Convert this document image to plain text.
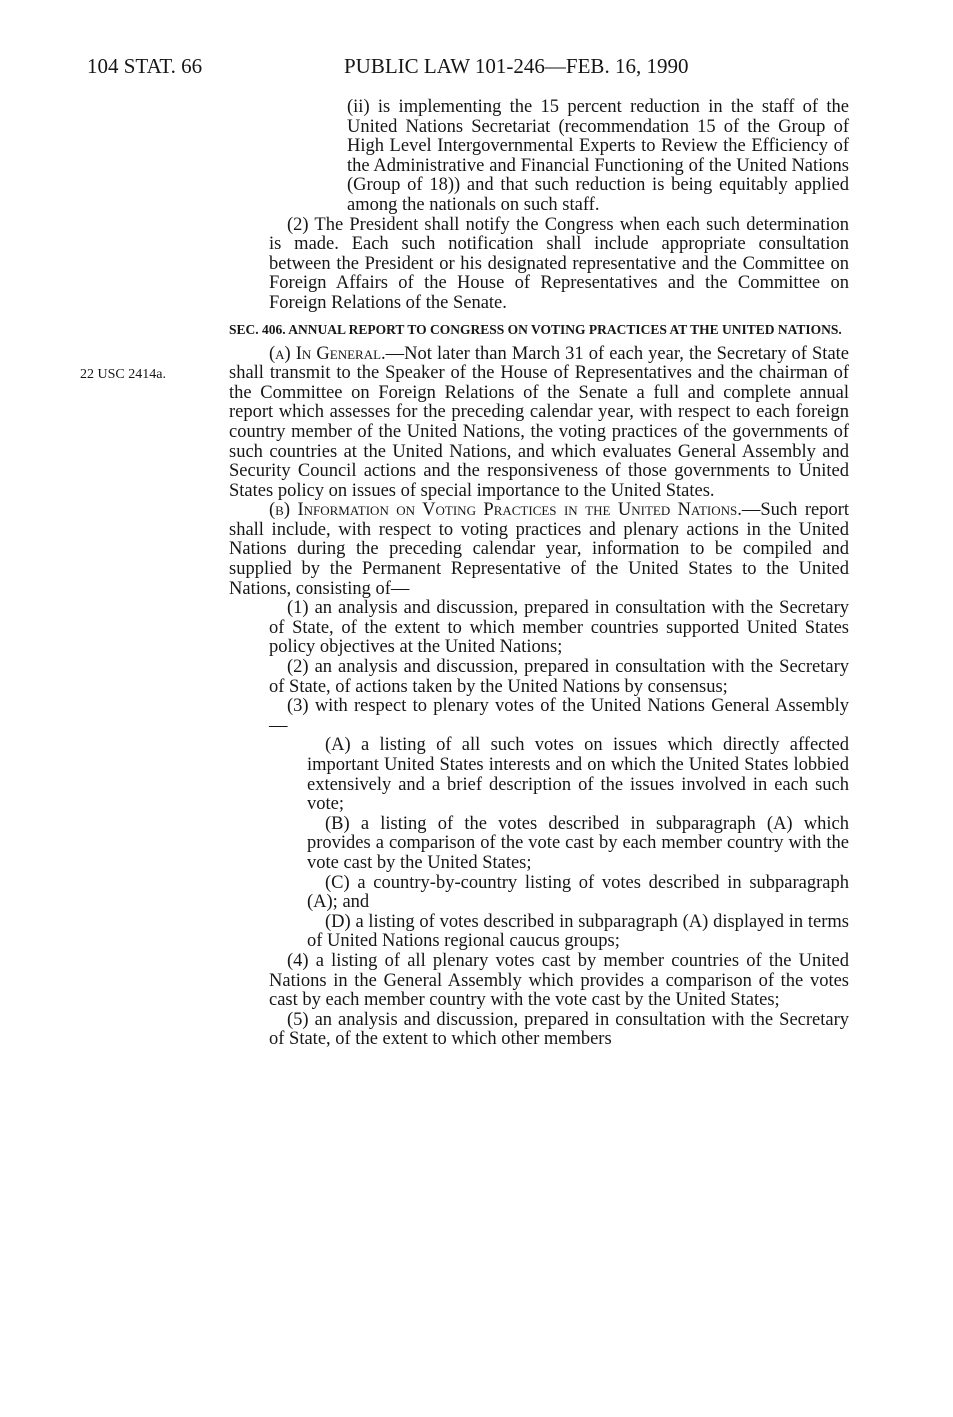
104 STAT. 66	PUBLIC LAW 101-246—FEB. 16, 1990
22 USC 2414a.

(ii) is implementing the 15 percent reduction in the staff of the United Nations Secretariat (recommendation 15 of the Group of High Level Intergovernmental Experts to Review the Efficiency of the Administrative and Financial Functioning of the United Nations (Group of 18)) and that such reduction is being equitably applied among the nationals on such staff.

(2) The President shall notify the Congress when each such determination is made. Each such notification shall include appropriate consultation between the President or his designated representative and the Committee on Foreign Affairs of the House of Representatives and the Committee on Foreign Relations of the Senate.

SEC. 406. ANNUAL REPORT TO CONGRESS ON VOTING PRACTICES AT THE UNITED NATIONS.

(a) In General.—Not later than March 31 of each year, the Secretary of State shall transmit to the Speaker of the House of Representatives and the chairman of the Committee on Foreign Relations of the Senate a full and complete annual report which assesses for the preceding calendar year, with respect to each foreign country member of the United Nations, the voting practices of the governments of such countries at the United Nations, and which evaluates General Assembly and Security Council actions and the responsiveness of those governments to United States policy on issues of special importance to the United States.

(b) Information on Voting Practices in the United Nations.—Such report shall include, with respect to voting practices and plenary actions in the United Nations during the preceding calendar year, information to be compiled and supplied by the Permanent Representative of the United States to the United Nations, consisting of—

(1) an analysis and discussion, prepared in consultation with the Secretary of State, of the extent to which member countries supported United States policy objectives at the United Nations;

(2) an analysis and discussion, prepared in consultation with the Secretary of State, of actions taken by the United Nations by consensus;

(3) with respect to plenary votes of the United Nations General Assembly—

(A) a listing of all such votes on issues which directly affected important United States interests and on which the United States lobbied extensively and a brief description of the issues involved in each such vote;

(B) a listing of the votes described in subparagraph (A) which provides a comparison of the vote cast by each member country with the vote cast by the United States;

(C) a country-by-country listing of votes described in subparagraph (A); and

(D) a listing of votes described in subparagraph (A) displayed in terms of United Nations regional caucus groups;

(4) a listing of all plenary votes cast by member countries of the United Nations in the General Assembly which provides a comparison of the votes cast by each member country with the vote cast by the United States;

(5) an analysis and discussion, prepared in consultation with the Secretary of State, of the extent to which other members
